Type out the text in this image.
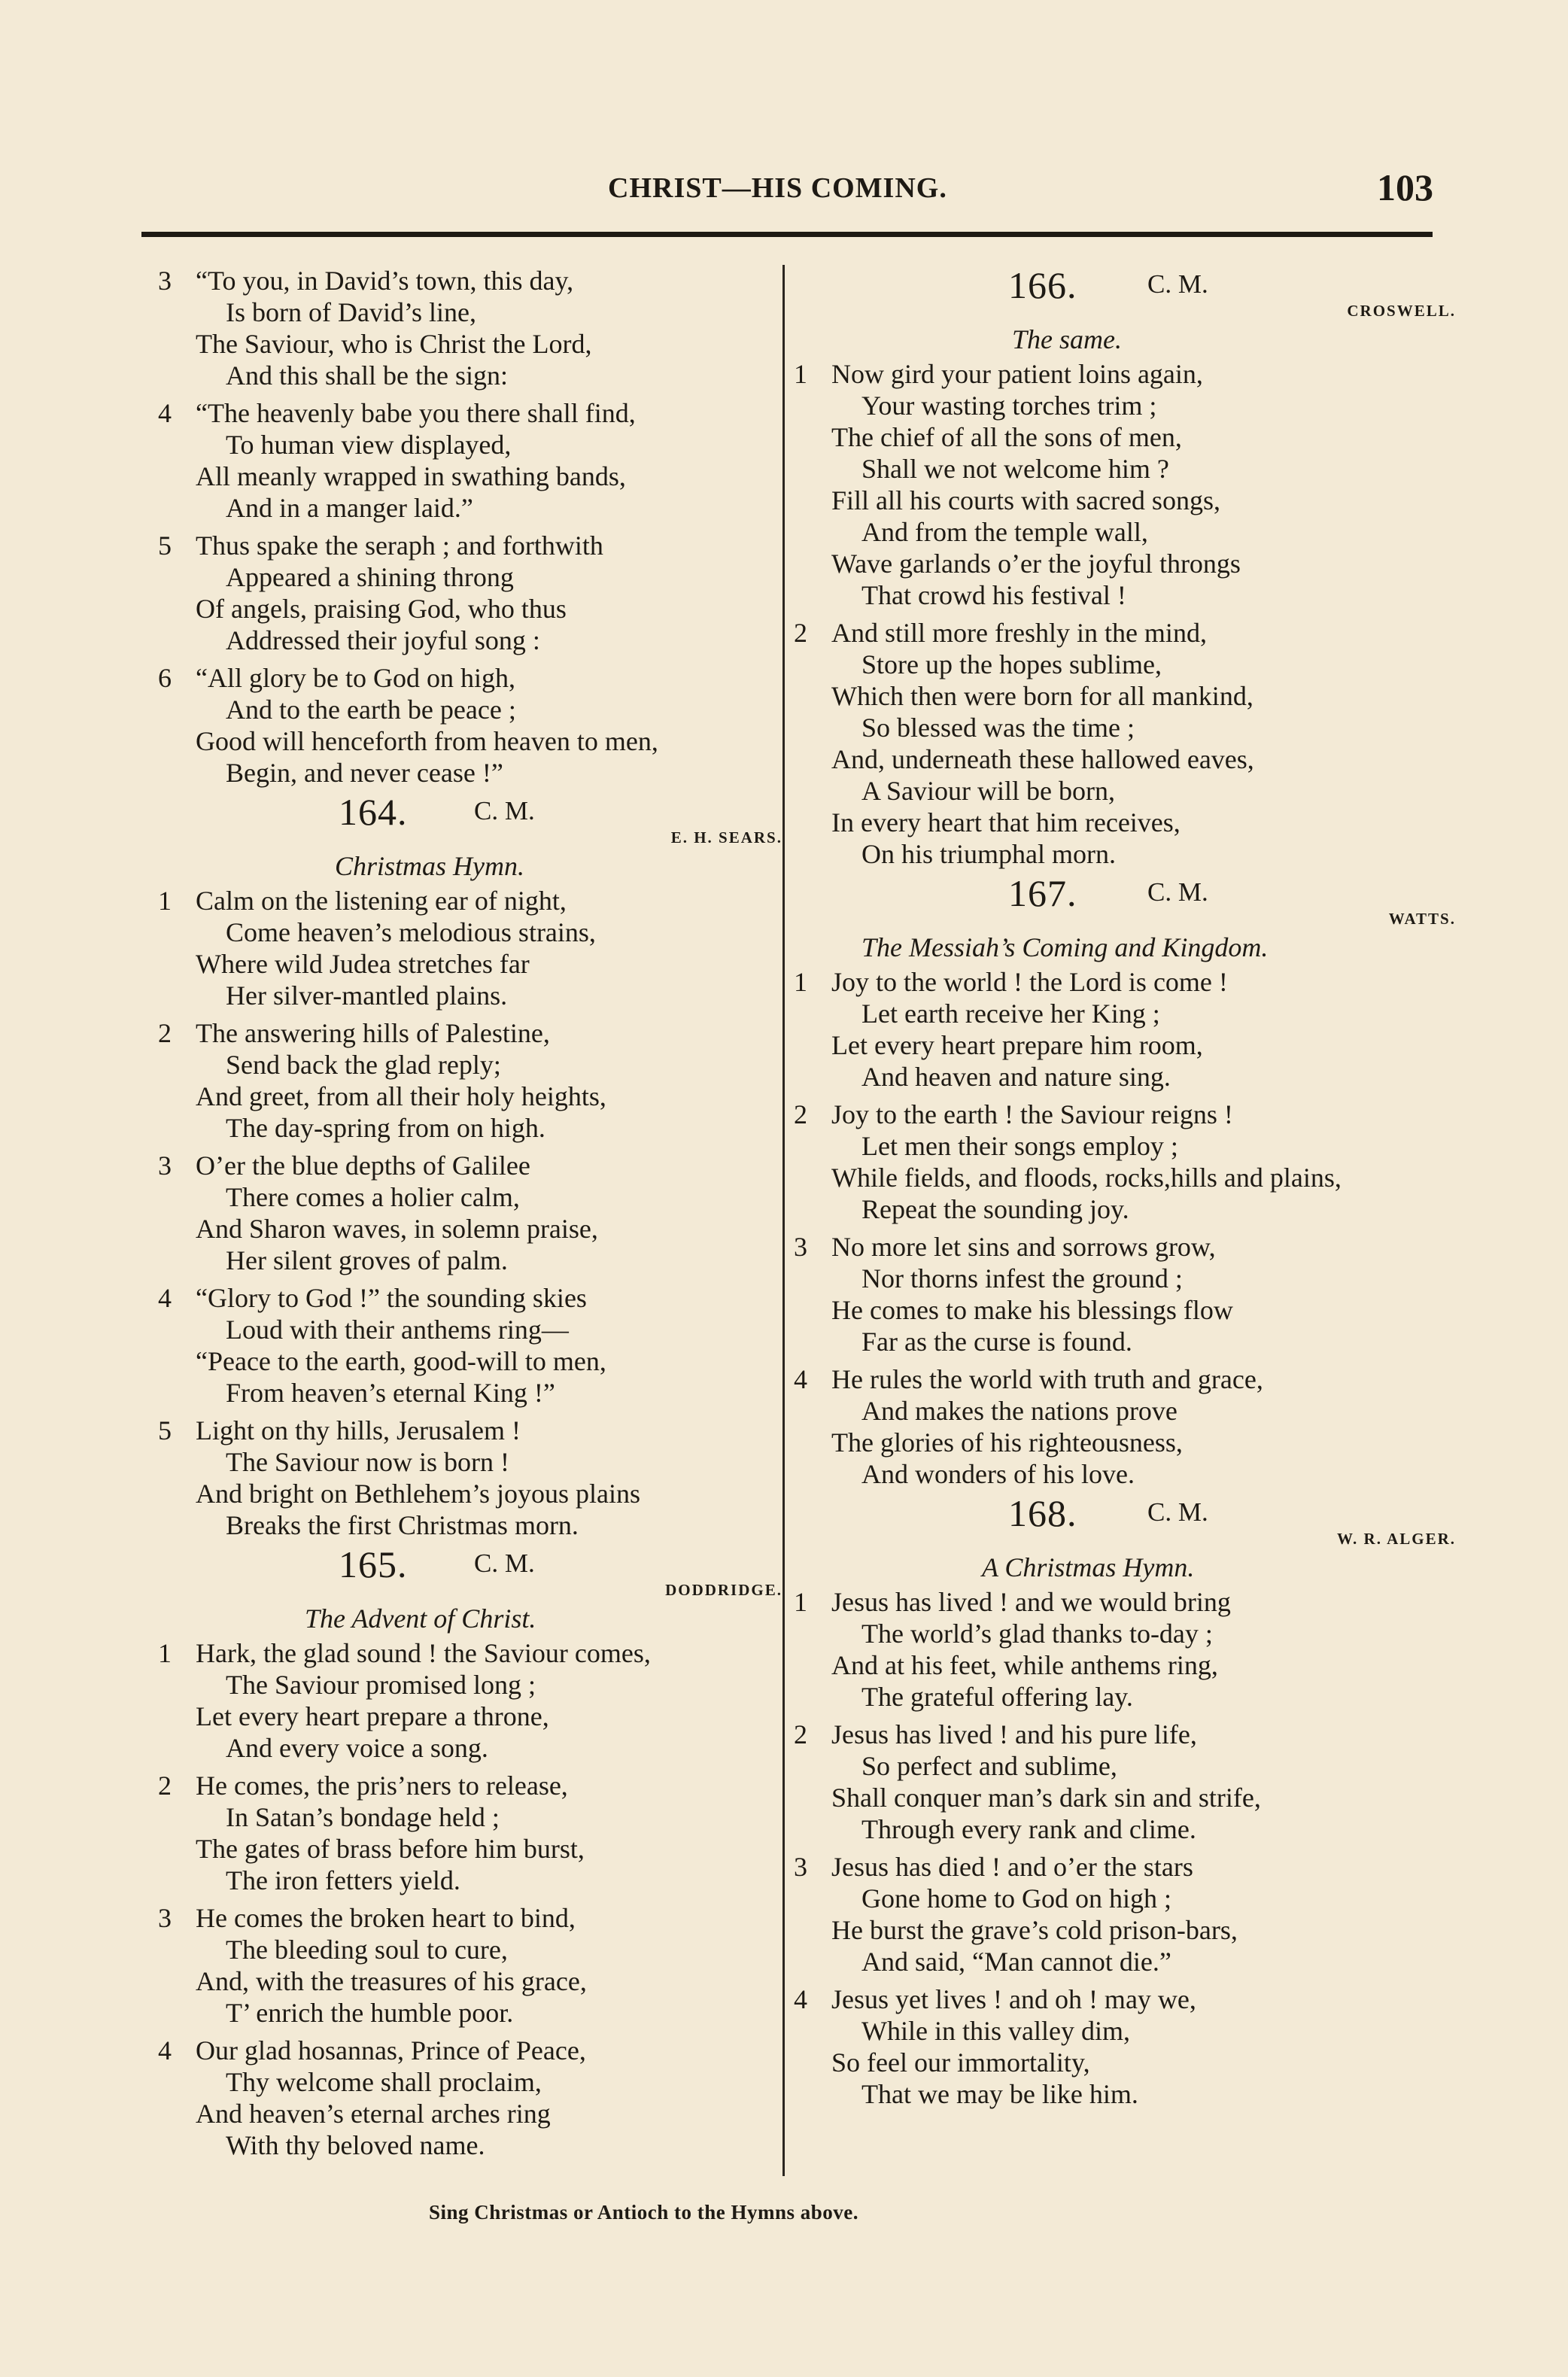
CHRIST—HIS COMING.	103
3 “To you, in David’s town, this day,
Is born of David’s line,
The Saviour, who is Christ the Lord,
And this shall be the sign:
4 “The heavenly babe you there shall find,
To human view displayed,
All meanly wrapped in swathing bands,
And in a manger laid.”
5 Thus spake the seraph ; and forthwith
Appeared a shining throng
Of angels, praising God, who thus
Addressed their joyful song :
6 “All glory be to God on high,
And to the earth be peace ;
Good will henceforth from heaven to men,
Begin, and never cease !”
164.	C. M.
E. H. SEARS.
Christmas Hymn.
1 Calm on the listening ear of night,
Come heaven’s melodious strains,
Where wild Judea stretches far
Her silver-mantled plains.
2 The answering hills of Palestine,
Send back the glad reply;
And greet, from all their holy heights,
The day-spring from on high.
3 O’er the blue depths of Galilee
There comes a holier calm,
And Sharon waves, in solemn praise,
Her silent groves of palm.
4 “Glory to God !” the sounding skies
Loud with their anthems ring—
“Peace to the earth, good-will to men,
From heaven’s eternal King !”
5 Light on thy hills, Jerusalem !
The Saviour now is born !
And bright on Bethlehem’s joyous plains
Breaks the first Christmas morn.
165.	C. M.
DODDRIDGE.
The Advent of Christ.
1 Hark, the glad sound ! the Saviour comes,
The Saviour promised long ;
Let every heart prepare a throne,
And every voice a song.
2 He comes, the pris’ners to release,
In Satan’s bondage held ;
The gates of brass before him burst,
The iron fetters yield.
3 He comes the broken heart to bind,
The bleeding soul to cure,
And, with the treasures of his grace,
T’ enrich the humble poor.
4 Our glad hosannas, Prince of Peace,
Thy welcome shall proclaim,
And heaven’s eternal arches ring
With thy beloved name.
166.	C. M.
CROSWELL.
The same.
1 Now gird your patient loins again,
Your wasting torches trim ;
The chief of all the sons of men,
Shall we not welcome him ?
Fill all his courts with sacred songs,
And from the temple wall,
Wave garlands o’er the joyful throngs
That crowd his festival !
2 And still more freshly in the mind,
Store up the hopes sublime,
Which then were born for all mankind,
So blessed was the time ;
And, underneath these hallowed eaves,
A Saviour will be born,
In every heart that him receives,
On his triumphal morn.
167.	C. M.
WATTS.
The Messiah’s Coming and Kingdom.
1 Joy to the world ! the Lord is come !
Let earth receive her King ;
Let every heart prepare him room,
And heaven and nature sing.
2 Joy to the earth ! the Saviour reigns !
Let men their songs employ ;
While fields, and floods, rocks,hills and plains,
Repeat the sounding joy.
3 No more let sins and sorrows grow,
Nor thorns infest the ground ;
He comes to make his blessings flow
Far as the curse is found.
4 He rules the world with truth and grace,
And makes the nations prove
The glories of his righteousness,
And wonders of his love.
168.	C. M.
W. R. ALGER.
A Christmas Hymn.
1 Jesus has lived ! and we would bring
The world’s glad thanks to-day ;
And at his feet, while anthems ring,
The grateful offering lay.
2 Jesus has lived ! and his pure life,
So perfect and sublime,
Shall conquer man’s dark sin and strife,
Through every rank and clime.
3 Jesus has died ! and o’er the stars
Gone home to God on high ;
He burst the grave’s cold prison-bars,
And said, “Man cannot die.”
4 Jesus yet lives ! and oh ! may we,
While in this valley dim,
So feel our immortality,
That we may be like him.
Sing Christmas or Antioch to the Hymns above.
